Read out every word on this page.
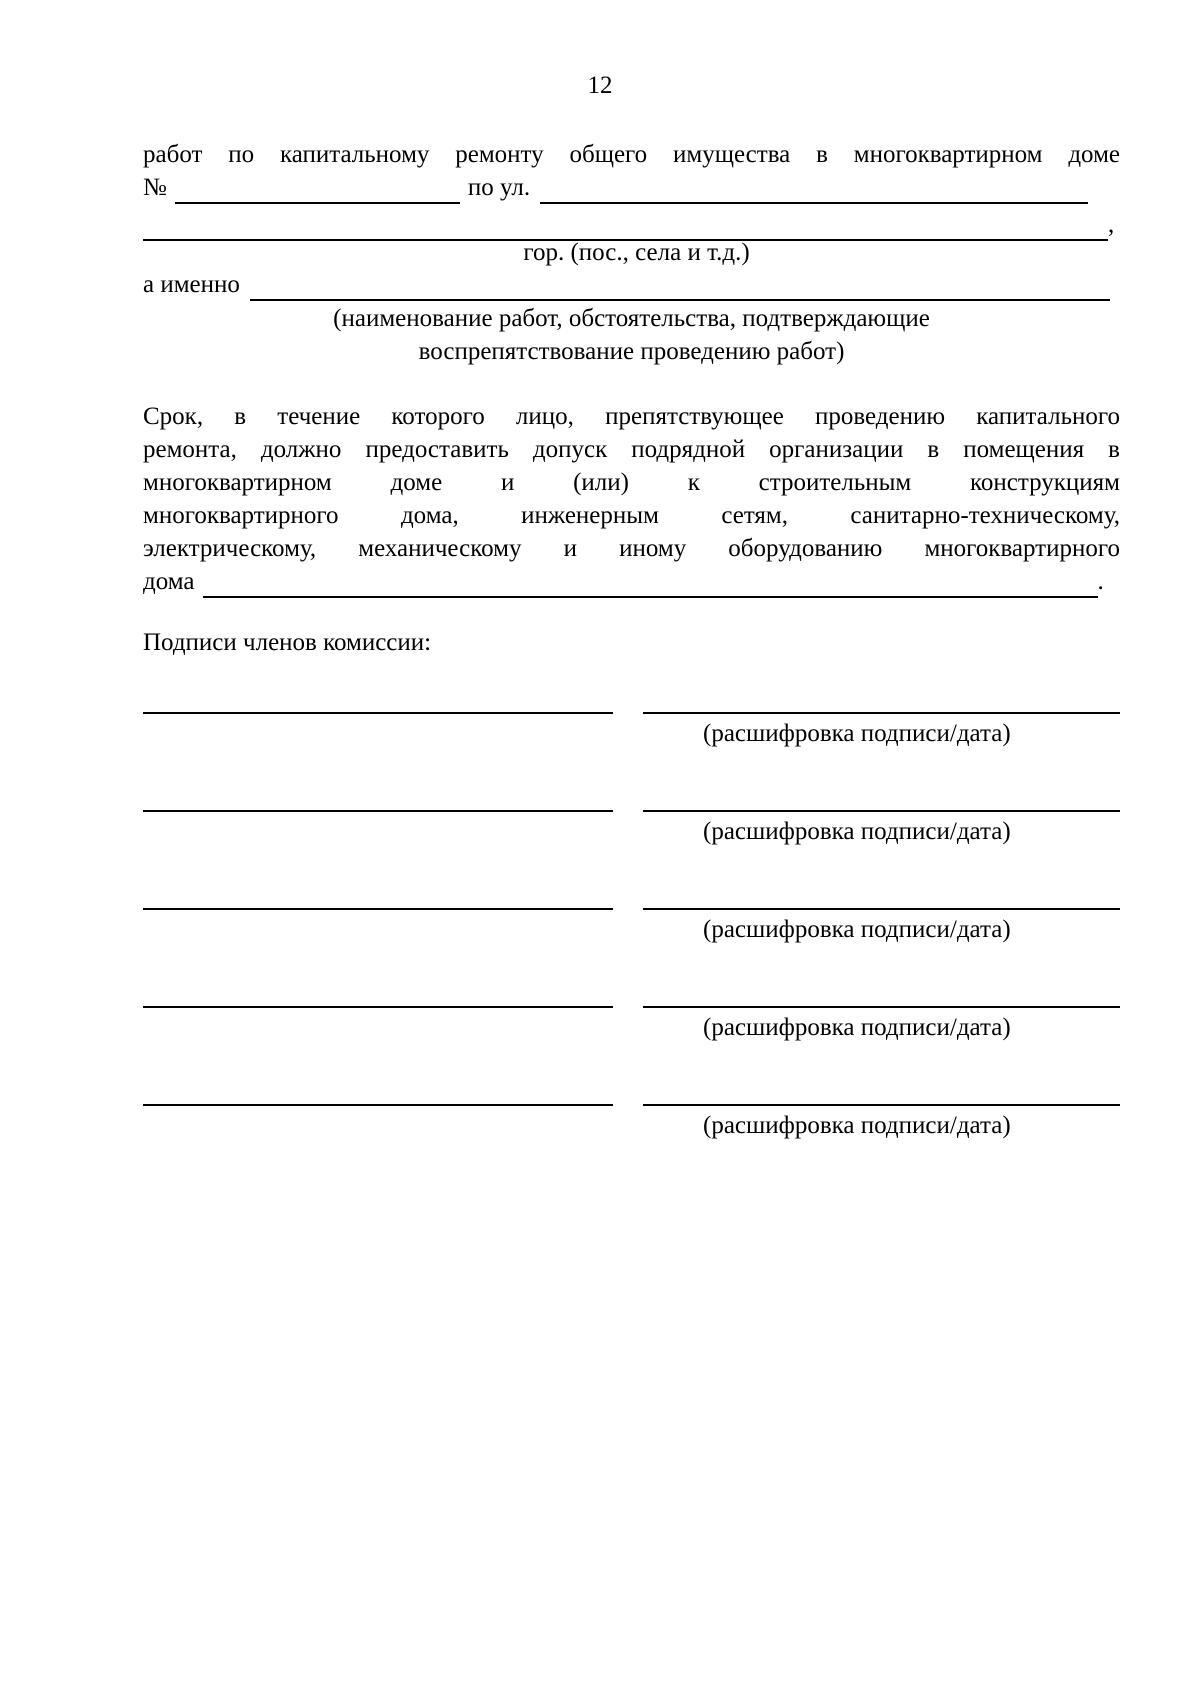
12
работ по капитальному ремонту общего имущества в многоквартирном доме
№	по ул.
,
гор. (пос., села и т.д.)
а именно
(наименование работ, обстоятельства, подтверждающие
воспрепятствование проведению работ)
Срок, в течение которого лицо, препятствующее проведению капитального
ремонта, должно предоставить допуск подрядной организации в помещения в
многоквартирном доме и (или) к строительным конструкциям
многоквартирного дома, инженерным сетям, санитарно-техническому,
электрическому, механическому и иному оборудованию многоквартирного
дома	.
Подписи членов комиссии:
(расшифровка подписи/дата)
(расшифровка подписи/дата)
(расшифровка подписи/дата)
(расшифровка подписи/дата)
(расшифровка подписи/дата)
